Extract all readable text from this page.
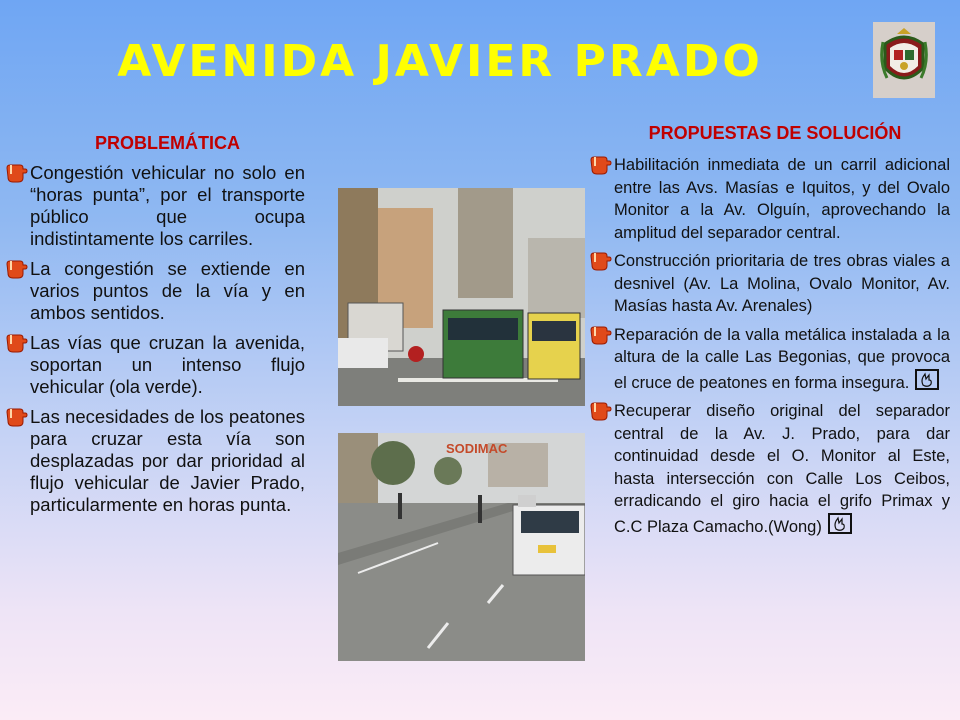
AVENIDA JAVIER PRADO
PROBLEMÁTICA
Congestión vehicular no solo en “horas punta”, por el transporte público que ocupa indistintamente los carriles.
La congestión se extiende en varios puntos de la vía y en ambos sentidos.
Las vías que cruzan la avenida, soportan un intenso flujo vehicular (ola verde).
Las necesidades de los peatones para cruzar esta vía son desplazadas por dar prioridad al flujo vehicular de Javier Prado, particularmente en horas punta.
SODIMAC
PROPUESTAS DE SOLUCIÓN
Habilitación inmediata de un carril adicional entre las Avs. Masías e Iquitos, y del Ovalo Monitor a la Av. Olguín, aprovechando la amplitud del separador central.
Construcción prioritaria de tres obras viales a desnivel (Av. La Molina, Ovalo Monitor, Av. Masías hasta Av. Arenales)
Reparación de la valla metálica instalada a la altura de la calle Las Begonias, que provoca el cruce de peatones en forma insegura.
Recuperar diseño original del separador central de la Av. J. Prado, para dar continuidad desde el O. Monitor al Este, hasta intersección con Calle Los Ceibos, erradicando el giro hacia el grifo Primax y C.C Plaza Camacho.(Wong)
